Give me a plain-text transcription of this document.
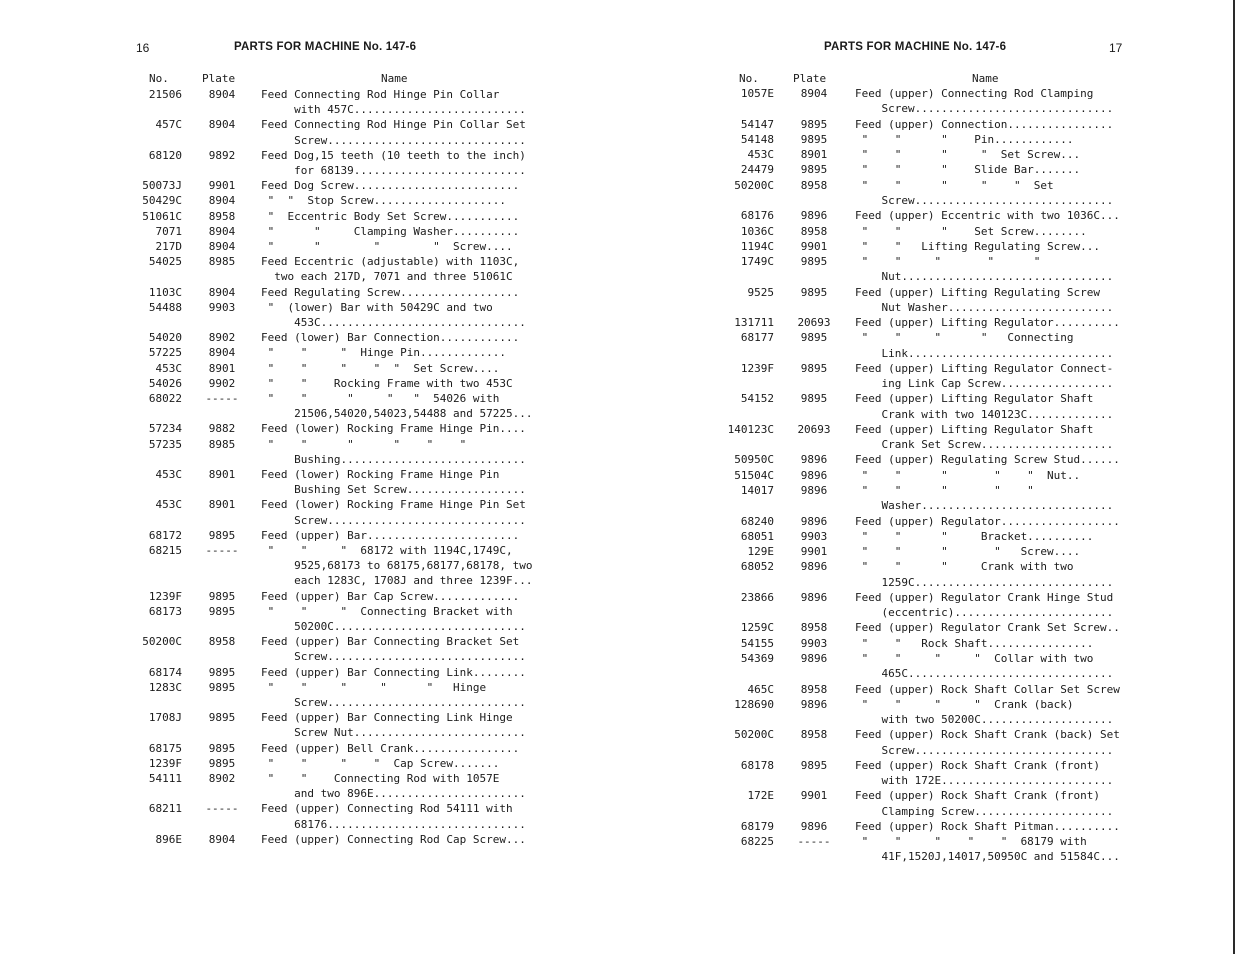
16	PARTS FOR MACHINE No. 147-6
No.	Plate	Name
21506	8904	Feed Connecting Rod Hinge Pin Collar
with 457C..........................
457C	8904	Feed Connecting Rod Hinge Pin Collar Set
Screw..............................
68120	9892	Feed Dog,15 teeth (10 teeth to the inch)
for 68139..........................
50073J	9901	Feed Dog Screw.........................
50429C	8904	"  "  Stop Screw....................
51061C	8958	"  Eccentric Body Set Screw...........
7071	8904	"      "     Clamping Washer..........
217D	8904	"      "        "        "  Screw....
54025	8985	Feed Eccentric (adjustable) with 1103C,
two each 217D, 7071 and three 51061C
1103C	8904	Feed Regulating Screw..................
54488	9903	"  (lower) Bar with 50429C and two
453C...............................
54020	8902	Feed (lower) Bar Connection............
57225	8904	"    "     "  Hinge Pin.............
453C	8901	"    "     "    "  "  Set Screw....
54026	9902	"    "    Rocking Frame with two 453C
68022	-----	"    "      "     "   "  54026 with
21506,54020,54023,54488 and 57225...
57234	9882	Feed (lower) Rocking Frame Hinge Pin....
57235	8985	"    "      "      "    "    "
Bushing............................
453C	8901	Feed (lower) Rocking Frame Hinge Pin
Bushing Set Screw..................
453C	8901	Feed (lower) Rocking Frame Hinge Pin Set
Screw..............................
68172	9895	Feed (upper) Bar.......................
68215	-----	"    "     "  68172 with 1194C,1749C,
9525,68173 to 68175,68177,68178, two
each 1283C, 1708J and three 1239F...
1239F	9895	Feed (upper) Bar Cap Screw.............
68173	9895	"    "     "  Connecting Bracket with
50200C.............................
50200C	8958	Feed (upper) Bar Connecting Bracket Set
Screw..............................
68174	9895	Feed (upper) Bar Connecting Link........
1283C	9895	"    "     "     "      "   Hinge
Screw..............................
1708J	9895	Feed (upper) Bar Connecting Link Hinge
Screw Nut..........................
68175	9895	Feed (upper) Bell Crank................
1239F	9895	"    "     "    "  Cap Screw.......
54111	8902	"    "    Connecting Rod with 1057E
and two 896E.......................
68211	-----	Feed (upper) Connecting Rod 54111 with
68176..............................
896E	8904	Feed (upper) Connecting Rod Cap Screw...
17
PARTS FOR MACHINE No. 147-6
No.	Plate	Name
1057E	8904	Feed (upper) Connecting Rod Clamping
Screw..............................
54147	9895	Feed (upper) Connection................
54148	9895	"    "      "    Pin............
453C	8901	"    "      "     "  Set Screw...
24479	9895	"    "      "    Slide Bar.......
50200C	8958	"    "      "     "    "  Set
Screw..............................
68176	9896	Feed (upper) Eccentric with two 1036C...
1036C	8958	"    "      "    Set Screw........
1194C	9901	"    "   Lifting Regulating Screw...
1749C	9895	"    "     "       "      "
Nut................................
9525	9895	Feed (upper) Lifting Regulating Screw
Nut Washer.........................
131711	20693	Feed (upper) Lifting Regulator..........
68177	9895	"    "     "      "   Connecting
Link...............................
1239F	9895	Feed (upper) Lifting Regulator Connect-
ing Link Cap Screw.................
54152	9895	Feed (upper) Lifting Regulator Shaft
Crank with two 140123C.............
140123C	20693	Feed (upper) Lifting Regulator Shaft
Crank Set Screw....................
50950C	9896	Feed (upper) Regulating Screw Stud......
51504C	9896	"    "      "       "    "  Nut..
14017	9896	"    "      "       "    "
Washer.............................
68240	9896	Feed (upper) Regulator..................
68051	9903	"    "      "     Bracket..........
129E	9901	"    "      "       "   Screw....
68052	9896	"    "      "     Crank with two
1259C..............................
23866	9896	Feed (upper) Regulator Crank Hinge Stud
(eccentric)........................
1259C	8958	Feed (upper) Regulator Crank Set Screw..
54155	9903	"    "   Rock Shaft................
54369	9896	"    "     "     "  Collar with two
465C...............................
465C	8958	Feed (upper) Rock Shaft Collar Set Screw
128690	9896	"    "     "     "  Crank (back)
with two 50200C....................
50200C	8958	Feed (upper) Rock Shaft Crank (back) Set
Screw..............................
68178	9895	Feed (upper) Rock Shaft Crank (front)
with 172E..........................
172E	9901	Feed (upper) Rock Shaft Crank (front)
Clamping Screw.....................
68179	9896	Feed (upper) Rock Shaft Pitman..........
68225	-----	"    "     "    "    "  68179 with
41F,1520J,14017,50950C and 51584C...
